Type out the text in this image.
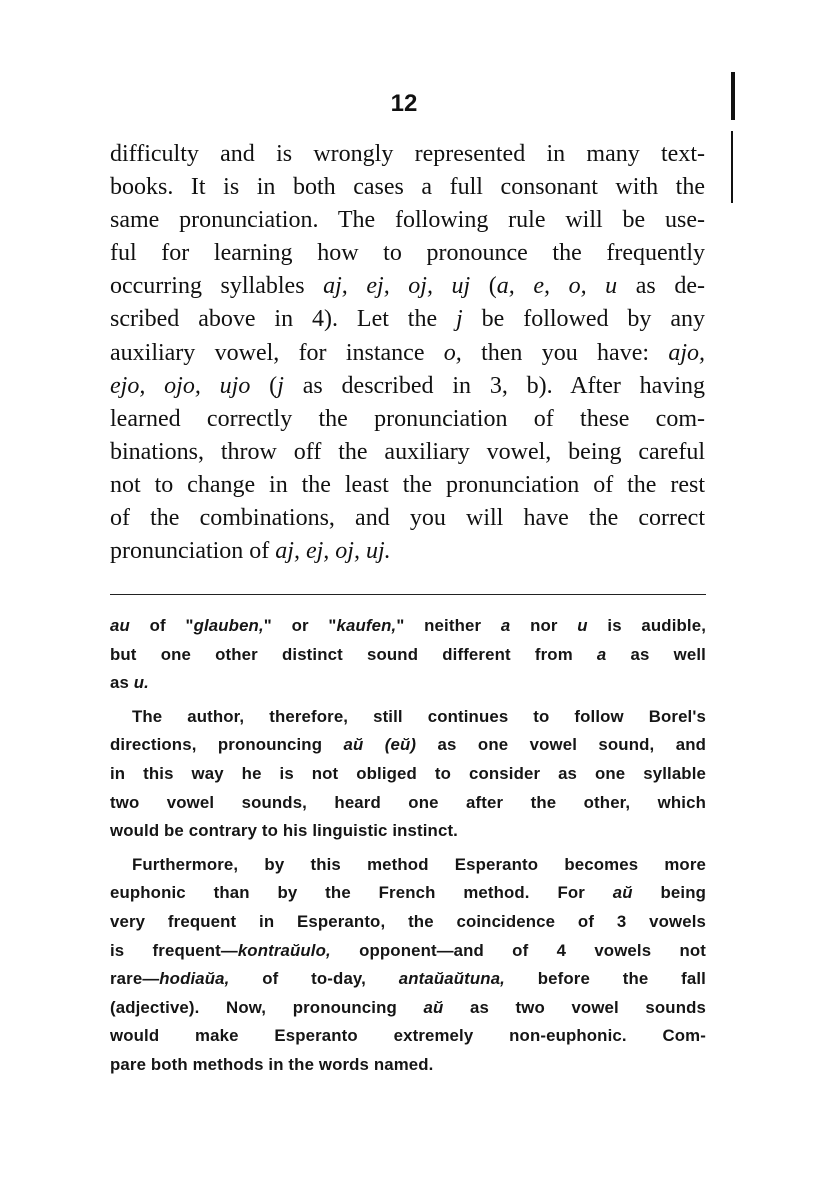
12
difficulty and is wrongly represented in many text-
books. It is in both cases a full consonant with the
same pronunciation. The following rule will be use-
ful for learning how to pronounce the frequently
occurring syllables aj, ej, oj, uj (a, e, o, u as de-
scribed above in 4). Let the j be followed by any
auxiliary vowel, for instance o, then you have: ajo,
ejo, ojo, ujo (j as described in 3, b). After having
learned correctly the pronunciation of these com-
binations, throw off the auxiliary vowel, being careful
not to change in the least the pronunciation of the rest
of the combinations, and you will have the correct
pronunciation of aj, ej, oj, uj.
au of "glauben," or "kaufen," neither a nor u is audible,
but one other distinct sound different from a as well
as u.
The author, therefore, still continues to follow Borel's
directions, pronouncing aŭ (eŭ) as one vowel sound, and
in this way he is not obliged to consider as one syllable
two vowel sounds, heard one after the other, which
would be contrary to his linguistic instinct.
Furthermore, by this method Esperanto becomes more
euphonic than by the French method. For aŭ being
very frequent in Esperanto, the coincidence of 3 vowels
is frequent—kontraŭulo, opponent—and of 4 vowels not
rare—hodiaŭa, of to-day, antaŭaŭtuna, before the fall
(adjective). Now, pronouncing aŭ as two vowel sounds
would make Esperanto extremely non-euphonic. Com-
pare both methods in the words named.
